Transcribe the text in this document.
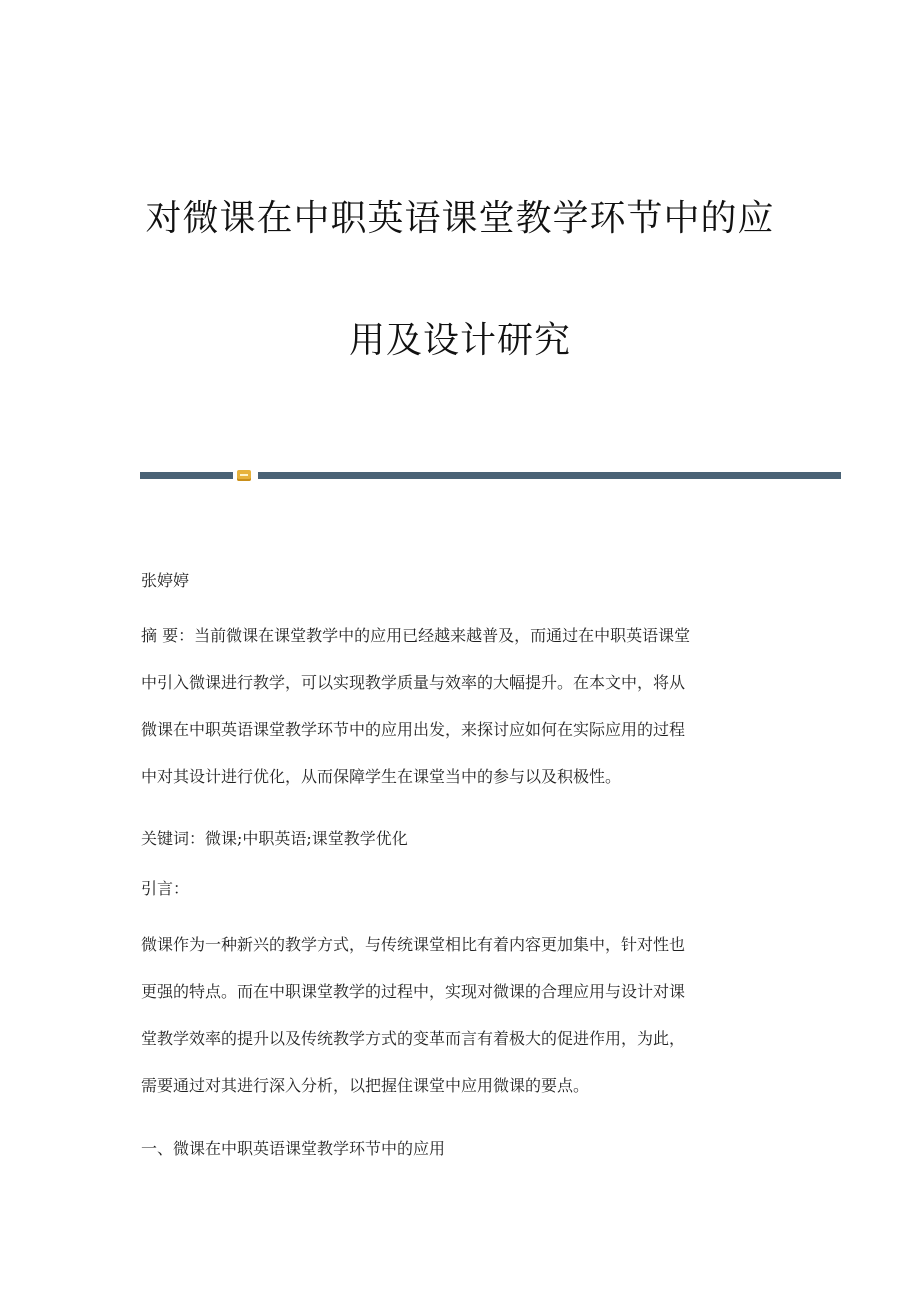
对微课在中职英语课堂教学环节中的应
用及设计研究
张婷婷
摘 要：当前微课在课堂教学中的应用已经越来越普及，而通过在中职英语课堂
中引入微课进行教学，可以实现教学质量与效率的大幅提升。在本文中，将从
微课在中职英语课堂教学环节中的应用出发，来探讨应如何在实际应用的过程
中对其设计进行优化，从而保障学生在课堂当中的参与以及积极性。
关键词：微课;中职英语;课堂教学优化
引言：
微课作为一种新兴的教学方式，与传统课堂相比有着内容更加集中，针对性也
更强的特点。而在中职课堂教学的过程中，实现对微课的合理应用与设计对课
堂教学效率的提升以及传统教学方式的变革而言有着极大的促进作用，为此，
需要通过对其进行深入分析，以把握住课堂中应用微课的要点。
一、微课在中职英语课堂教学环节中的应用
